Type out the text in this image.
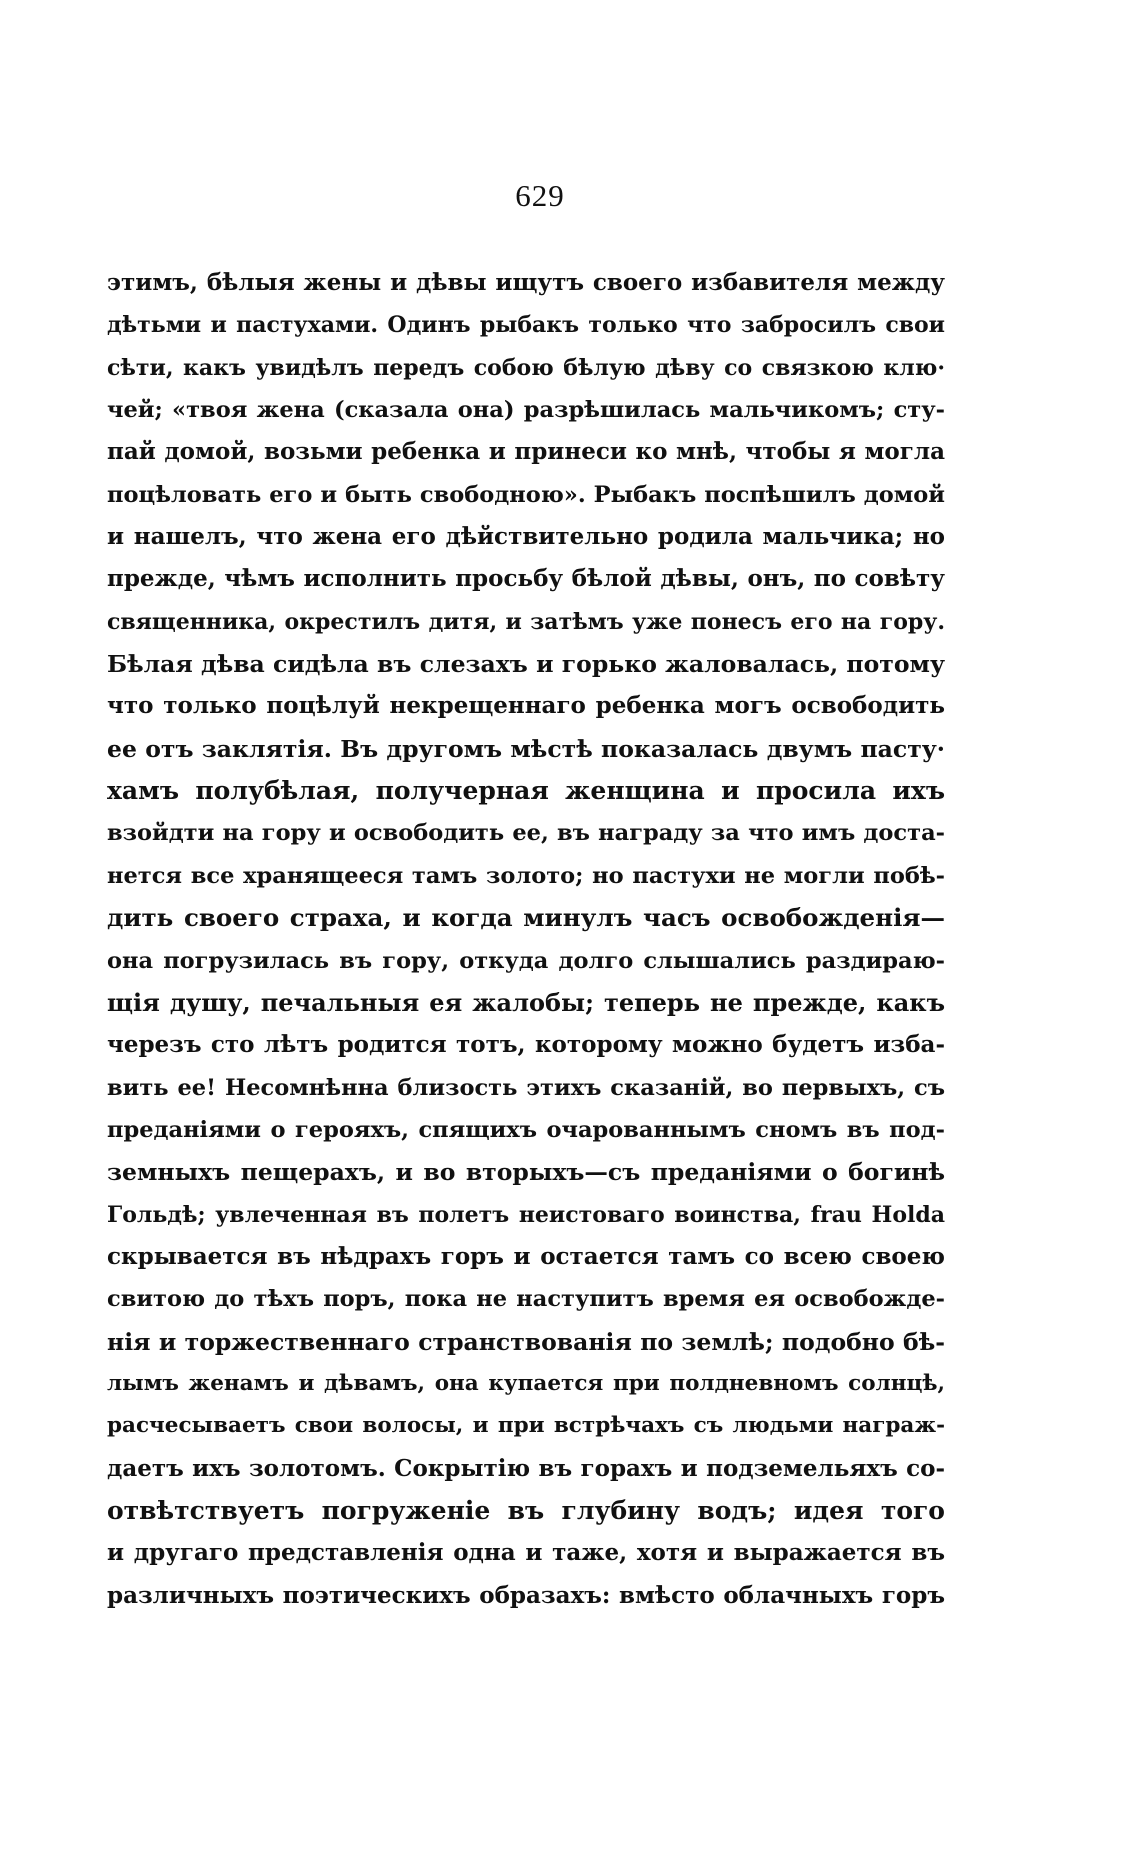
629
этимъ, бѣлыя жены и дѣвы ищутъ своего избавителя между
дѣтьми и пастухами. Одинъ рыбакъ только что забросилъ свои
сѣти, какъ увидѣлъ передъ собою бѣлую дѣву со связкою клю·
чей; «твоя жена (сказала она) разрѣшилась мальчикомъ; сту-
пай домой, возьми ребенка и принеси ко мнѣ, чтобы я могла
поцѣловать его и быть свободною». Рыбакъ поспѣшилъ домой
и нашелъ, что жена его дѣйствительно родила мальчика; но
прежде, чѣмъ исполнить просьбу бѣлой дѣвы, онъ, по совѣту
священника, окрестилъ дитя, и затѣмъ уже понесъ его на гору.
Бѣлая дѣва сидѣла въ слезахъ и горько жаловалась, потому
что только поцѣлуй некрещеннаго ребенка могъ освободить
ее отъ заклятія. Въ другомъ мѣстѣ показалась двумъ пасту·
хамъ полубѣлая, получерная женщина и просила ихъ
взойдти на гору и освободить ее, въ награду за что имъ доста-
нется все хранящееся тамъ золото; но пастухи не могли побѣ-
дить своего страха, и когда минулъ часъ освобожденія—
она погрузилась въ гору, откуда долго слышались раздираю-
щія душу, печальныя ея жалобы; теперь не прежде, какъ
черезъ сто лѣтъ родится тотъ, которому можно будетъ изба-
вить ее! Несомнѣнна близость этихъ сказаній, во первыхъ, съ
преданіями о герояхъ, спящихъ очарованнымъ сномъ въ под-
земныхъ пещерахъ, и во вторыхъ—съ преданіями о богинѣ
Гольдѣ; увлеченная въ полетъ неистоваго воинства, frau Holda
скрывается въ нѣдрахъ горъ и остается тамъ со всею своею
свитою до тѣхъ поръ, пока не наступитъ время ея освобожде-
нія и торжественнаго странствованія по землѣ; подобно бѣ-
лымъ женамъ и дѣвамъ, она купается при полдневномъ солнцѣ,
расчесываетъ свои волосы, и при встрѣчахъ съ людьми награж-
даетъ ихъ золотомъ. Сокрытію въ горахъ и подземельяхъ со-
отвѣтствуетъ погруженіе въ глубину водъ; идея того
и другаго представленія одна и таже, хотя и выражается въ
различныхъ поэтическихъ образахъ: вмѣсто облачныхъ горъ
